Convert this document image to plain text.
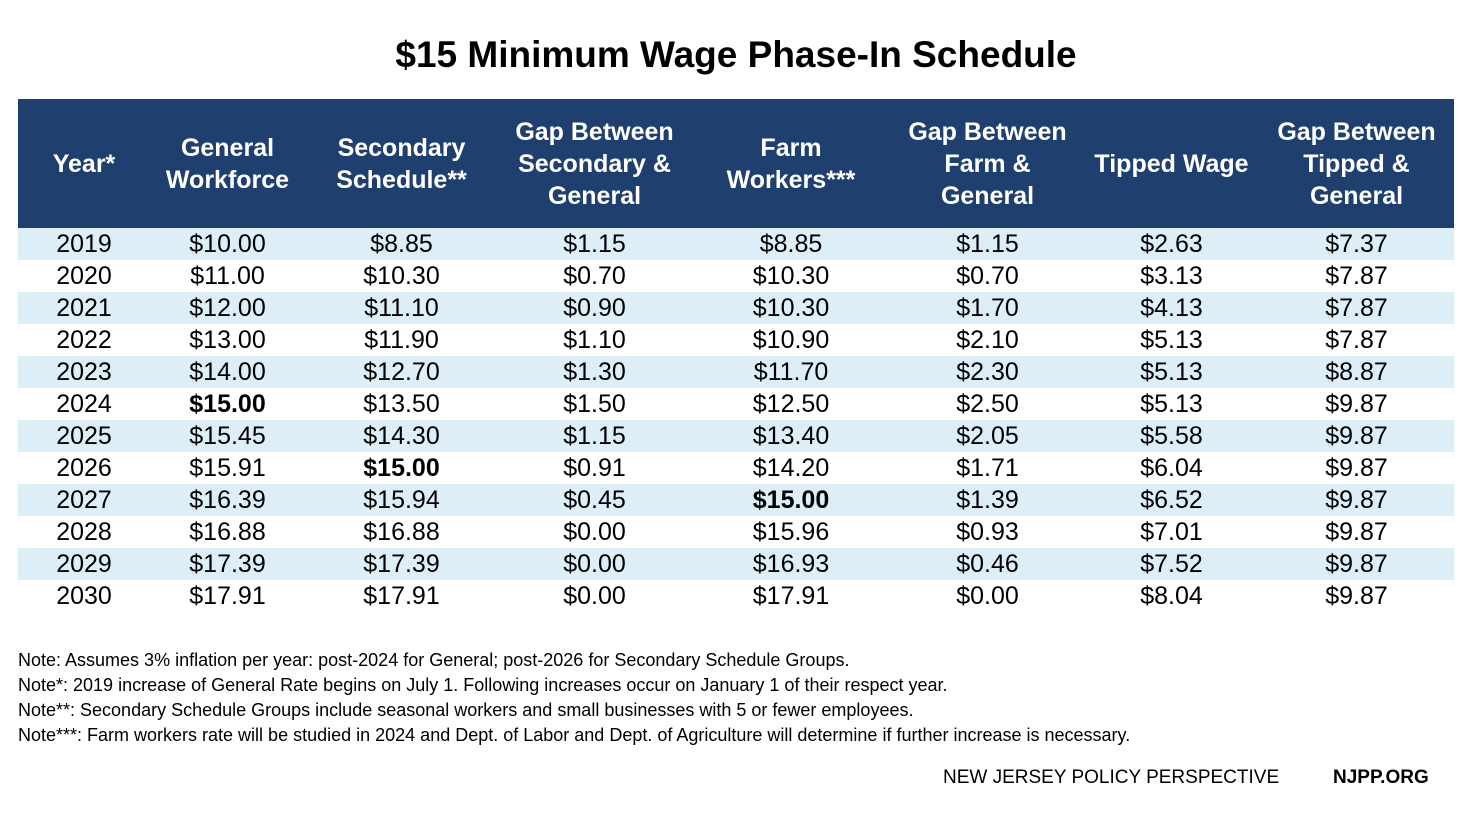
$15 Minimum Wage Phase-In Schedule
Year*	General Workforce	Secondary Schedule**	Gap Between Secondary & General	Farm Workers***	Gap Between Farm & General	Tipped Wage	Gap Between Tipped & General
2019	$10.00	$8.85	$1.15	$8.85	$1.15	$2.63	$7.37
2020	$11.00	$10.30	$0.70	$10.30	$0.70	$3.13	$7.87
2021	$12.00	$11.10	$0.90	$10.30	$1.70	$4.13	$7.87
2022	$13.00	$11.90	$1.10	$10.90	$2.10	$5.13	$7.87
2023	$14.00	$12.70	$1.30	$11.70	$2.30	$5.13	$8.87
2024	$15.00	$13.50	$1.50	$12.50	$2.50	$5.13	$9.87
2025	$15.45	$14.30	$1.15	$13.40	$2.05	$5.58	$9.87
2026	$15.91	$15.00	$0.91	$14.20	$1.71	$6.04	$9.87
2027	$16.39	$15.94	$0.45	$15.00	$1.39	$6.52	$9.87
2028	$16.88	$16.88	$0.00	$15.96	$0.93	$7.01	$9.87
2029	$17.39	$17.39	$0.00	$16.93	$0.46	$7.52	$9.87
2030	$17.91	$17.91	$0.00	$17.91	$0.00	$8.04	$9.87
Note: Assumes 3% inflation per year: post-2024 for General; post-2026 for Secondary Schedule Groups.
Note*: 2019 increase of General Rate begins on July 1. Following increases occur on January 1 of their respect year.
Note**: Secondary Schedule Groups include seasonal workers and small businesses with 5 or fewer employees.
Note***: Farm workers rate will be studied in 2024 and Dept. of Labor and Dept. of Agriculture will determine if further increase is necessary.
NEW JERSEY POLICY PERSPECTIVE	NJPP.ORG
